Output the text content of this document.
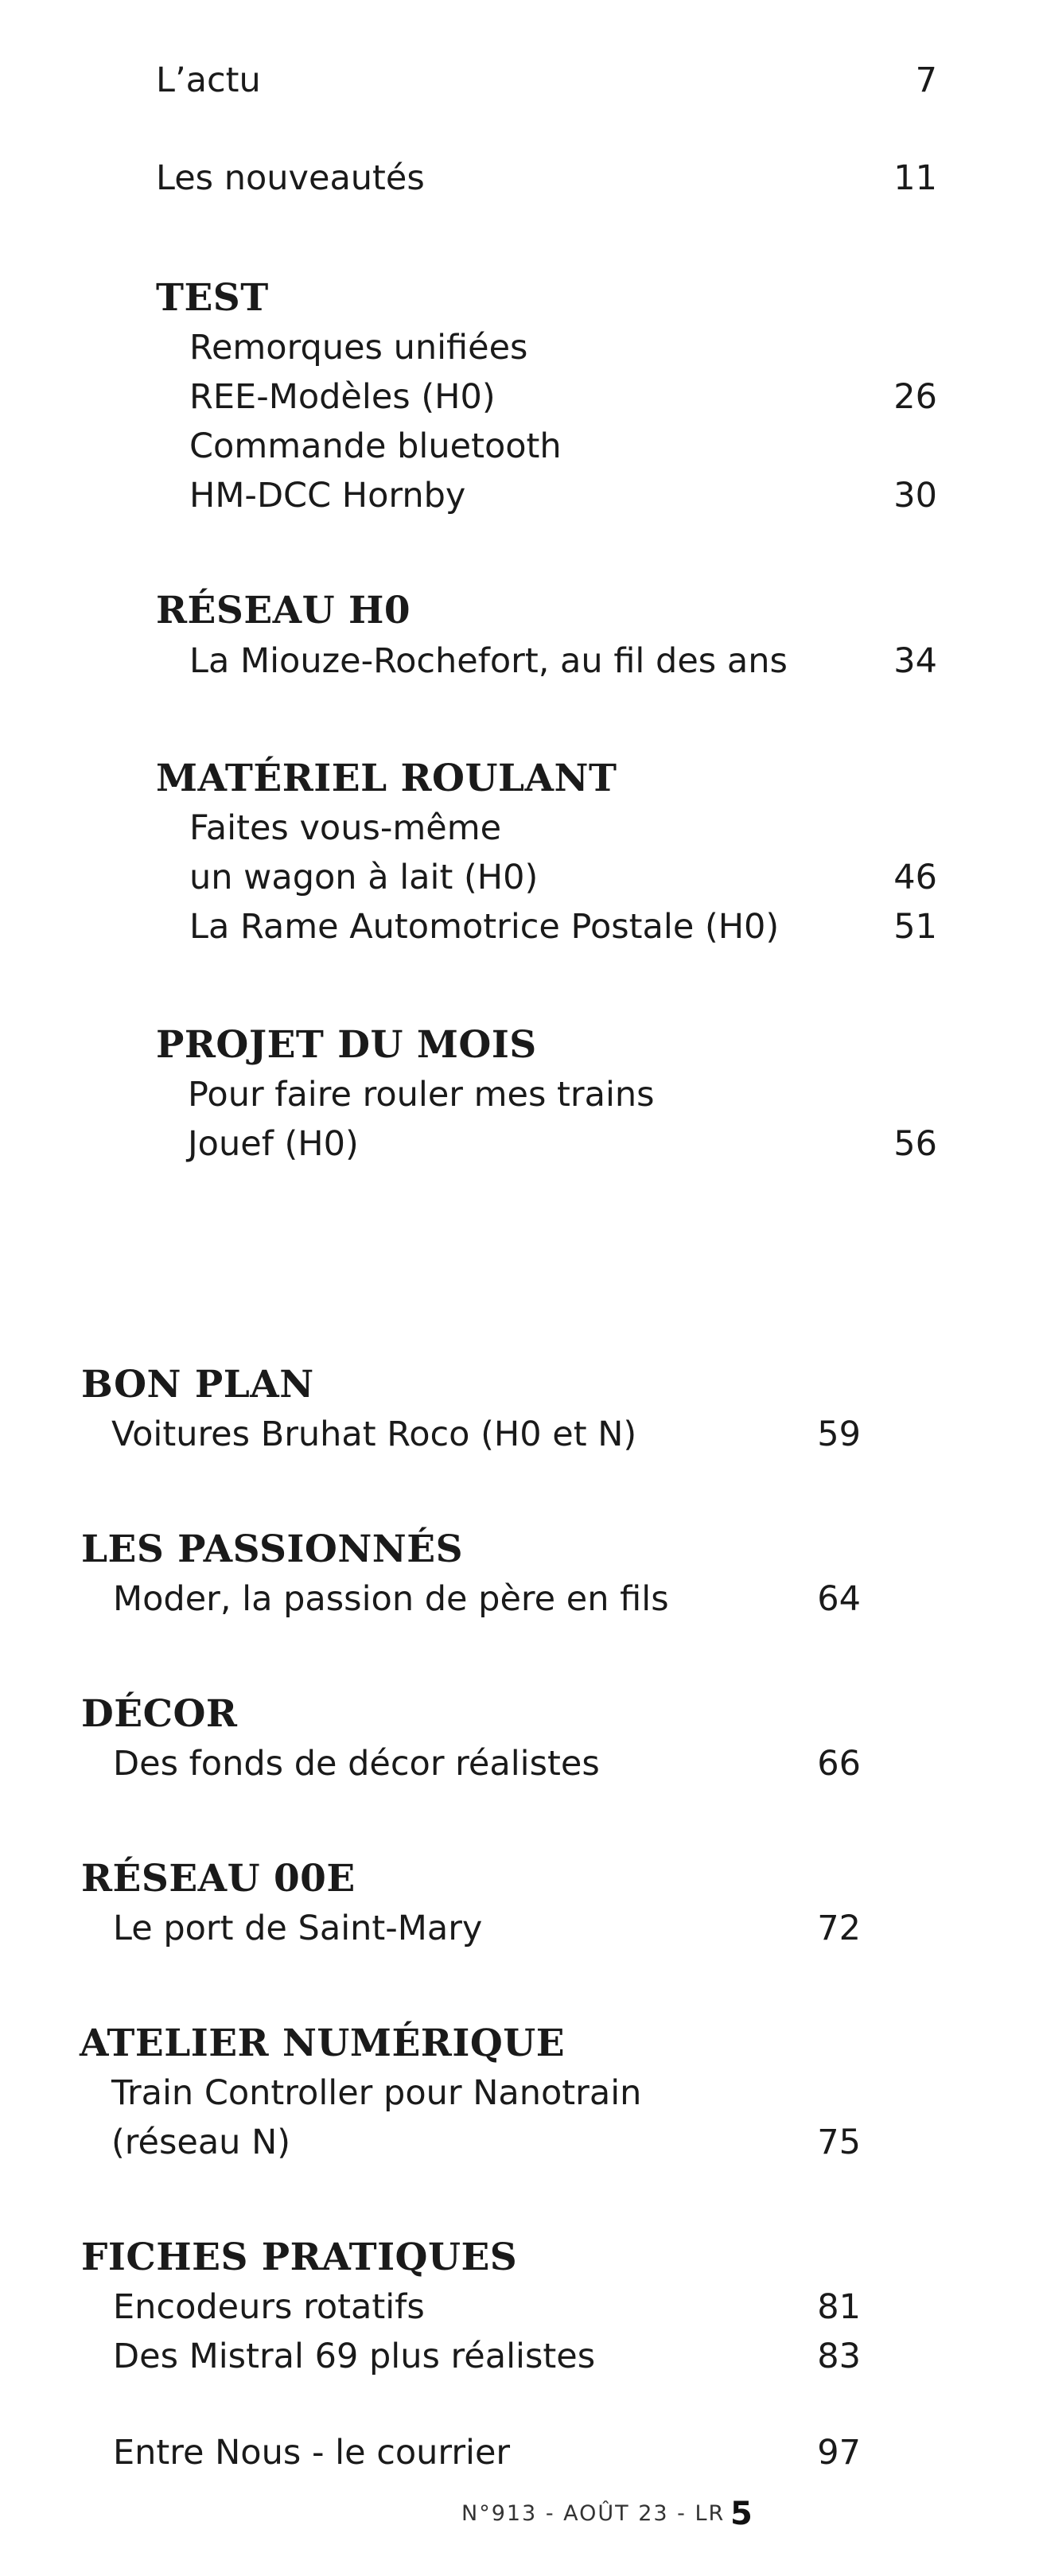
L’actu	7
Les nouveautés	11
TEST
Remorques unifiées
REE-Modèles (H0)	26
Commande bluetooth
HM-DCC Hornby	30
RÉSEAU H0
La Miouze-Rochefort, au fil des ans	34
MATÉRIEL ROULANT
Faites vous-même
un wagon à lait (H0)	46
La Rame Automotrice Postale (H0)	51
PROJET DU MOIS
Pour faire rouler mes trains
Jouef (H0)	56
BON PLAN
Voitures Bruhat Roco (H0 et N)	59
LES PASSIONNÉS
Moder, la passion de père en fils	64
DÉCOR
Des fonds de décor réalistes	66
RÉSEAU 00E
Le port de Saint-Mary	72
ATELIER NUMÉRIQUE
Train Controller pour Nanotrain
(réseau N)	75
FICHES PRATIQUES
Encodeurs rotatifs	81
Des Mistral 69 plus réalistes	83
Entre Nous - le courrier	97
N°913 - AOÛT 23 - LR 5
